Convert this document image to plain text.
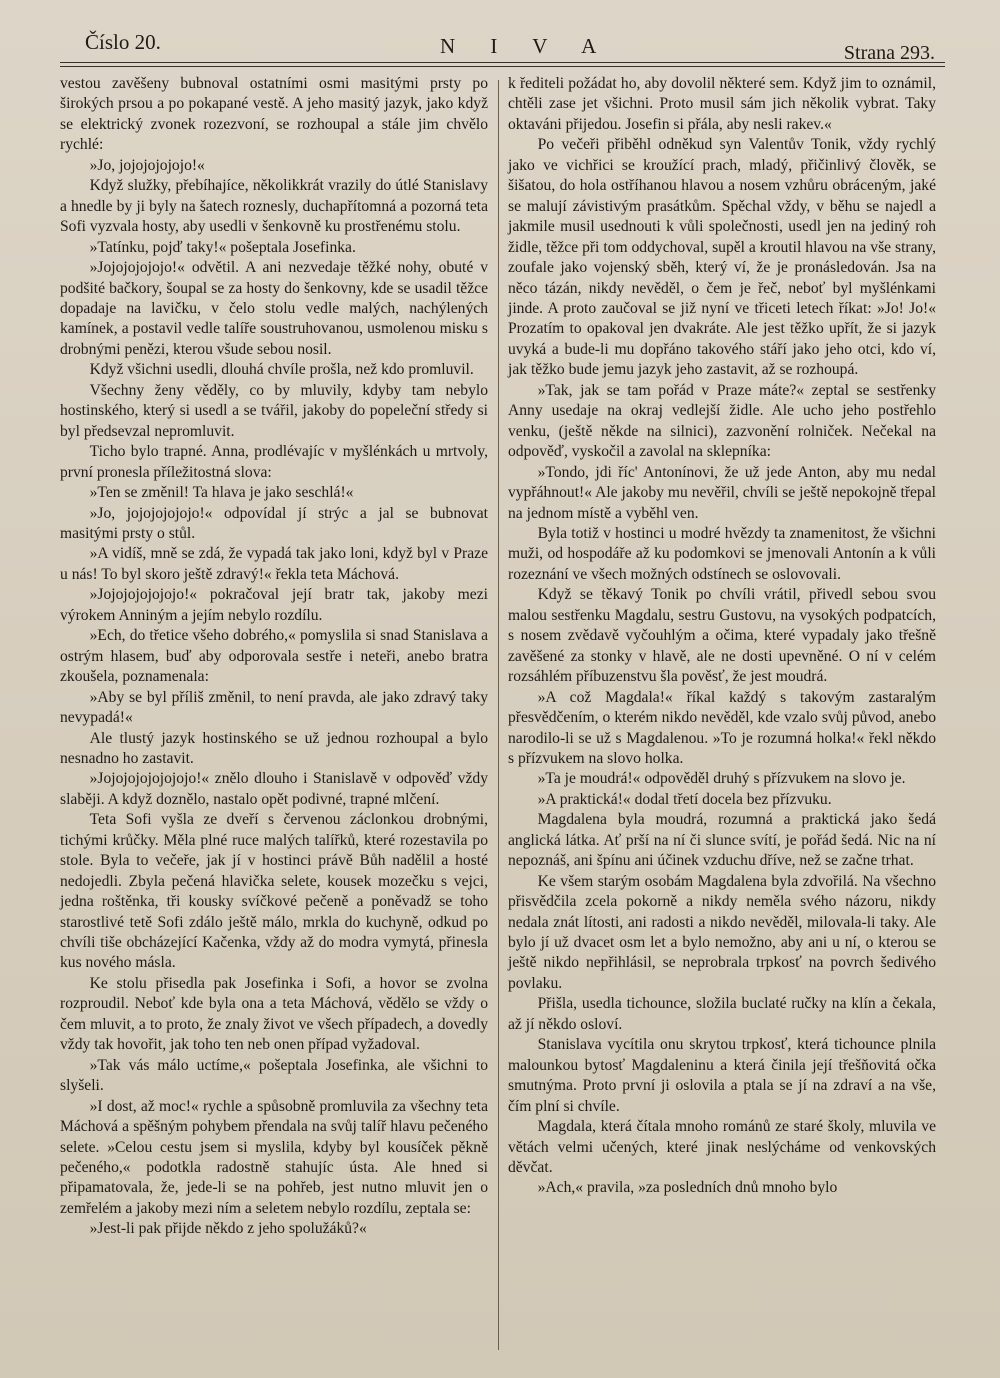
Číslo 20.	N I V A	Strana 293.

vestou zavěšeny bubnoval ostatními osmi masitými prsty po širokých prsou a po pokapané vestě. A jeho masitý jazyk, jako když se elektrický zvonek rozezvoní, se rozhoupal a stále jim chvělo rychlé:

»Jo, jojojojojojo!«

Když služky, přebíhajíce, několikkrát vrazily do útlé Stanislavy a hnedle by ji byly na šatech roznesly, duchapřítomná a pozorná teta Sofi vyzvala hosty, aby usedli v šenkovně ku prostřenému stolu.

»Tatínku, pojď taky!« pošeptala Josefinka.

»Jojojojojojo!« odvětil. A ani nezvedaje těžké nohy, obuté v podšité bačkory, šoupal se za hosty do šenkovny, kde se usadil těžce dopadaje na lavičku, v čelo stolu vedle malých, nachýlených kamínek, a postavil vedle talíře soustruhovanou, usmolenou misku s drobnými penězi, kterou všude sebou nosil.

Když všichni usedli, dlouhá chvíle prošla, než kdo promluvil.

Všechny ženy věděly, co by mluvily, kdyby tam nebylo hostinského, který si usedl a se tvářil, jakoby do popeleční středy si byl předsevzal nepromluvit.

Ticho bylo trapné. Anna, prodlévajíc v myšlénkách u mrtvoly, první pronesla příležitostná slova:

»Ten se změnil! Ta hlava je jako seschlá!«

»Jo, jojojojojojo!« odpovídal jí strýc a jal se bubnovat masitými prsty o stůl.

»A vidíš, mně se zdá, že vypadá tak jako loni, když byl v Praze u nás! To byl skoro ještě zdravý!« řekla teta Máchová.

»Jojojojojojojo!« pokračoval její bratr tak, jakoby mezi výrokem Anniným a jejím nebylo rozdílu.

»Ech, do třetice všeho dobrého,« pomyslila si snad Stanislava a ostrým hlasem, buď aby odporovala sestře i neteři, anebo bratra zkoušela, poznamenala:

»Aby se byl příliš změnil, to není pravda, ale jako zdravý taky nevypadá!«

Ale tlustý jazyk hostinského se už jednou rozhoupal a bylo nesnadno ho zastavit.

»Jojojojojojojojo!« znělo dlouho i Stanislavě v odpověď vždy slaběji. A když doznělo, nastalo opět podivné, trapné mlčení.

Teta Sofi vyšla ze dveří s červenou záclonkou drobnými, tichými krůčky. Měla plné ruce malých talířků, které rozestavila po stole. Byla to večeře, jak jí v hostinci právě Bůh nadělil a hosté nedojedli. Zbyla pečená hlavička selete, kousek mozečku s vejci, jedna roštěnka, tři kousky svíčkové pečeně a poněvadž se toho starostlivé tetě Sofi zdálo ještě málo, mrkla do kuchyně, odkud po chvíli tiše obcházející Kačenka, vždy až do modra vymytá, přinesla kus nového másla.

Ke stolu přisedla pak Josefinka i Sofi, a hovor se zvolna rozproudil. Neboť kde byla ona a teta Máchová, vědělo se vždy o čem mluvit, a to proto, že znaly život ve všech případech, a dovedly vždy tak hovořit, jak toho ten neb onen případ vyžadoval.

»Tak vás málo uctíme,« pošeptala Josefinka, ale všichni to slyšeli.

»I dost, až moc!« rychle a spůsobně promluvila za všechny teta Máchová a spěšným pohybem přendala na svůj talíř hlavu pečeného selete. »Celou cestu jsem si myslila, kdyby byl kousíček pěkně pečeného,« podotkla radostně stahujíc ústa. Ale hned si připamatovala, že, jede-li se na pohřeb, jest nutno mluvit jen o zemřelém a jakoby mezi ním a seletem nebylo rozdílu, zeptala se:

»Jest-li pak přijde někdo z jeho spolužáků?«

k řediteli požádat ho, aby dovolil některé sem. Když jim to oznámil, chtěli zase jet všichni. Proto musil sám jich několik vybrat. Taky oktaváni přijedou. Josefin si přála, aby nesli rakev.«

Po večeři přiběhl odněkud syn Valentův Tonik, vždy rychlý jako ve vichřici se kroužící prach, mladý, přičinlivý člověk, se šišatou, do hola ostříhanou hlavou a nosem vzhůru obráceným, jaké se malují závistivým prasátkům. Spěchal vždy, v běhu se najedl a jakmile musil usednouti k vůli společnosti, usedl jen na jediný roh židle, těžce při tom oddychoval, supěl a kroutil hlavou na vše strany, zoufale jako vojenský sběh, který ví, že je pronásledován. Jsa na něco tázán, nikdy nevěděl, o čem je řeč, neboť byl myšlénkami jinde. A proto zaučoval se již nyní ve třiceti letech říkat: »Jo! Jo!« Prozatím to opakoval jen dvakráte. Ale jest těžko upřít, že si jazyk uvyká a bude-li mu dopřáno takového stáří jako jeho otci, kdo ví, jak těžko bude jemu jazyk jeho zastavit, až se rozhoupá.

»Tak, jak se tam pořád v Praze máte?« zeptal se sestřenky Anny usedaje na okraj vedlejší židle. Ale ucho jeho postřehlo venku, (ještě někde na silnici), zazvonění rolniček. Nečekal na odpověď, vyskočil a zavolal na sklepníka:

»Tondo, jdi říc' Antonínovi, že už jede Anton, aby mu nedal vypřáhnout!« Ale jakoby mu nevěřil, chvíli se ještě nepokojně třepal na jednom místě a vyběhl ven.

Byla totiž v hostinci u modré hvězdy ta znamenitost, že všichni muži, od hospodáře až ku podomkovi se jmenovali Antonín a k vůli rozeznání ve všech možných odstínech se oslovovali.

Když se těkavý Tonik po chvíli vrátil, přivedl sebou svou malou sestřenku Magdalu, sestru Gustovu, na vysokých podpatcích, s nosem zvědavě vyčouhlým a očima, které vypadaly jako třešně zavěšené za stonky v hlavě, ale ne dosti upevněné. O ní v celém rozsáhlém příbuzenstvu šla pověsť, že jest moudrá.

»A což Magdala!« říkal každý s takovým zastaralým přesvědčením, o kterém nikdo nevěděl, kde vzalo svůj původ, anebo narodilo-li se už s Magdalenou. »To je rozumná holka!« řekl někdo s přízvukem na slovo holka.

»Ta je moudrá!« odpověděl druhý s přízvukem na slovo je.

»A praktická!« dodal třetí docela bez přízvuku.

Magdalena byla moudrá, rozumná a praktická jako šedá anglická látka. Ať prší na ní či slunce svítí, je pořád šedá. Nic na ní nepoznáš, ani špínu ani účinek vzduchu dříve, než se začne trhat.

Ke všem starým osobám Magdalena byla zdvořilá. Na všechno přisvědčila zcela pokorně a nikdy neměla svého názoru, nikdy nedala znát lítosti, ani radosti a nikdo nevěděl, milovala-li taky. Ale bylo jí už dvacet osm let a bylo nemožno, aby ani u ní, o kterou se ještě nikdo nepřihlásil, se neprobrala trpkosť na povrch šedivého povlaku.

Přišla, usedla tichounce, složila buclaté ručky na klín a čekala, až jí někdo osloví.

Stanislava vycítila onu skrytou trpkosť, která tichounce plnila malounkou bytosť Magdaleninu a která činila její třešňovitá očka smutnýma. Proto první ji oslovila a ptala se jí na zdraví a na vše, čím plní si chvíle.

Magdala, která čítala mnoho románů ze staré školy, mluvila ve větách velmi učených, které jinak neslýcháme od venkovských děvčat.

»Ach,« pravila, »za posledních dnů mnoho bylo
